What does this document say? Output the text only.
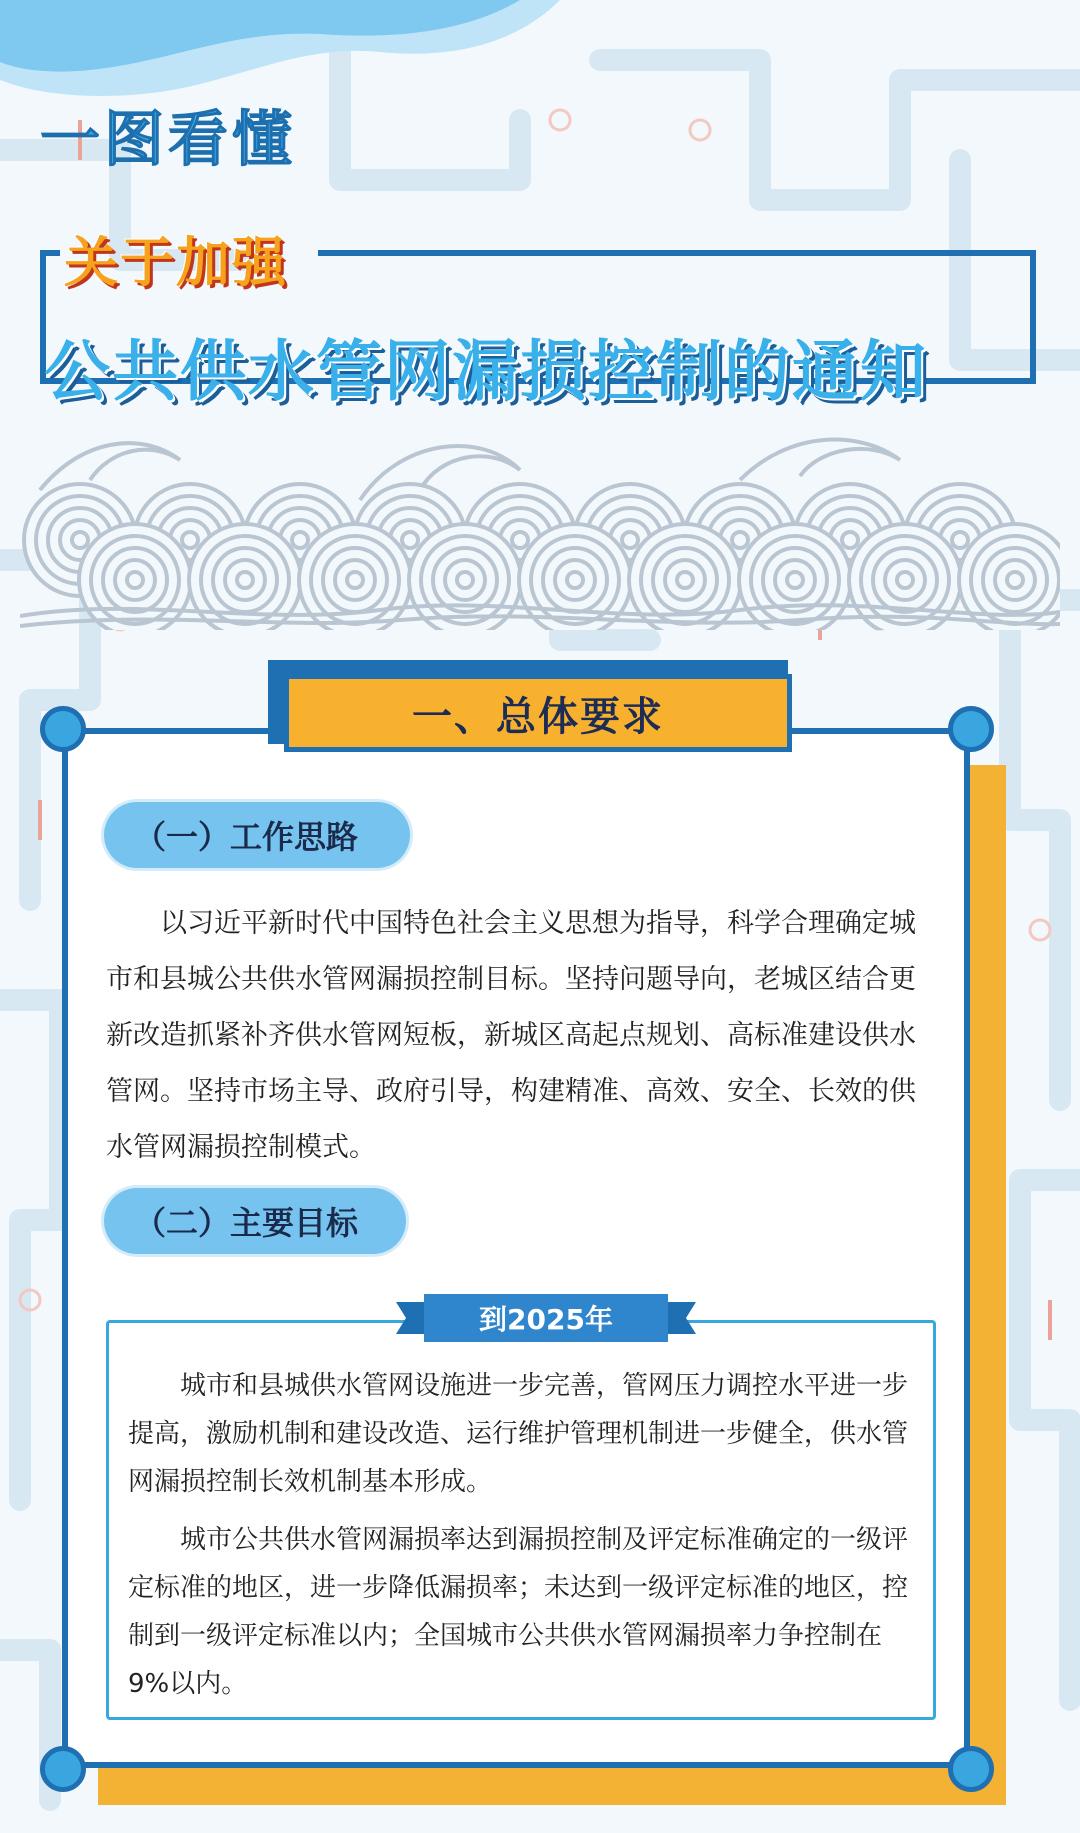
一图看懂
关于加强
公共供水管网漏损控制的通知
一、总体要求
（一）工作思路

以习近平新时代中国特色社会主义思想为指导，科学合理确定城市和县城公共供水管网漏损控制目标。坚持问题导向，老城区结合更新改造抓紧补齐供水管网短板，新城区高起点规划、高标准建设供水管网。坚持市场主导、政府引导，构建精准、高效、安全、长效的供水管网漏损控制模式。

（二）主要目标
到2025年

城市和县城供水管网设施进一步完善，管网压力调控水平进一步提高，激励机制和建设改造、运行维护管理机制进一步健全，供水管网漏损控制长效机制基本形成。

城市公共供水管网漏损率达到漏损控制及评定标准确定的一级评定标准的地区，进一步降低漏损率；未达到一级评定标准的地区，控制到一级评定标准以内；全国城市公共供水管网漏损率力争控制在9%以内。
